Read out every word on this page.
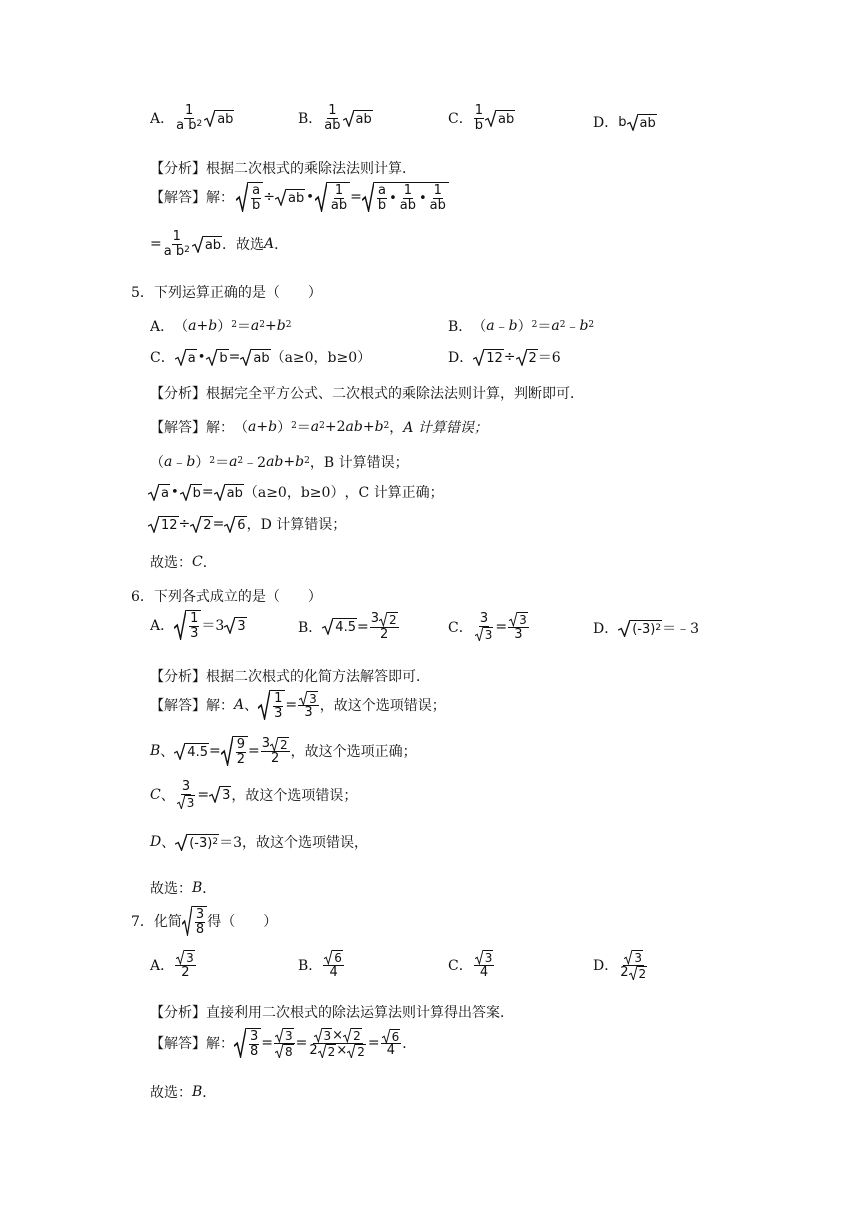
A．
1
a $b^2$ ab	B．
1
ab ab	C．
1
b ab	D． b ab
【分析】 根据二次根式的乘除法法则计算．
【解答】 解： a
b ÷ ab • 1
ab = a
b •
1
ab •
1
ab
= $\frac{1}{a b^2}$ ab ．故选 A ．
5．下列运算正确的是（　　）
A． （ a + b ）$^2 = a^2 + b^2$	B． （ a ﹣ b ）$^2 = a^2$ ﹣ $b^2$
C． a • b = ab （a≥0，b≥0）	D． 12 ÷ 2 ＝6
【分析】 根据完全平方公式、二次根式的乘除法法则计算，判断即可．
【解答】 解： （ a + b ）$^2 = a^2 +2$ ab + $b^2$ ， A 计算错误；
（ a ﹣ b ）$^2 = a^2$ ﹣2 ab + $b^2$ ， B 计算错误；
a • b = ab （a≥0，b≥0） ， C 计算正确；
12 ÷ 2 = 6 ， D 计算错误；
故选： C ．
6．下列各式成立的是（　　）
A． 1
3 ＝3 3	B． $4.5 = \frac{3 2}{2}$	C． $\frac{3}{3} = \frac{3}{3}$	D． $(-3)^2$ ＝ ﹣3
【分析】 根据二次根式的化简方法解答即可．
【解答】 解： A 、 1
$3 = \frac{3}{3}$ ，故这个选项错误；
B 、 4.5 = 9
$2 = \frac{3 2}{2}$ ，故这个选项正确；
C 、 $\frac{3}{3} = 3$ ，故这个选项错误；
D 、 $(-3)^2 =3$ ，故这个选项错误，
故选： B ．
7．化简 3
8 得（　　）
A． 3
2	B． 6
4	C． 3
4	D．
3
2 2
【分析】 直接利用二次根式的除法运算法则计算得出答案．
【解答】 解： 3
$8 = \frac{3}{8} = \frac{3 \times 2}{2 2 \times 2} = \frac{6}{4}$ ．
故选： B ．
